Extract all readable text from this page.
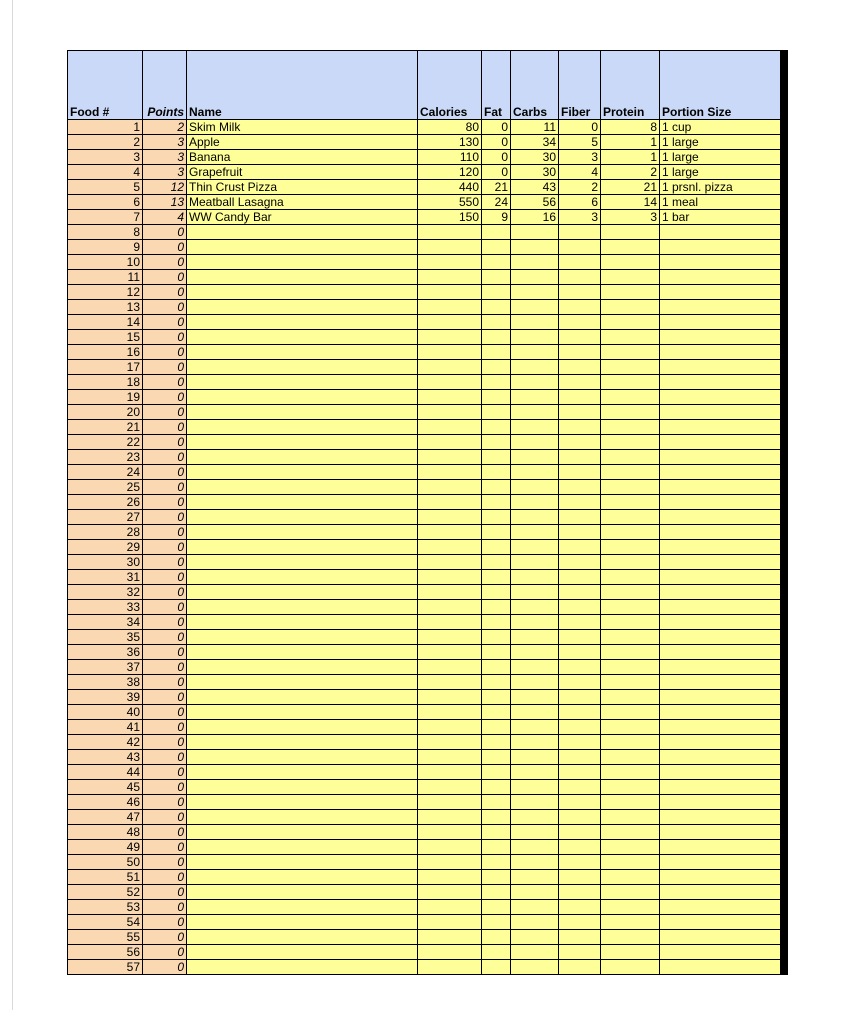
Food #	Points	Name	Calories	Fat	Carbs	Fiber	Protein	Portion Size
1	2	Skim Milk	80	0	11	0	8	1 cup
2	3	Apple	130	0	34	5	1	1 large
3	3	Banana	110	0	30	3	1	1 large
4	3	Grapefruit	120	0	30	4	2	1 large
5	12	Thin Crust Pizza	440	21	43	2	21	1 prsnl. pizza
6	13	Meatball Lasagna	550	24	56	6	14	1 meal
7	4	WW Candy Bar	150	9	16	3	3	1 bar
8	0							
9	0							
10	0							
11	0							
12	0							
13	0							
14	0							
15	0							
16	0							
17	0							
18	0							
19	0							
20	0							
21	0							
22	0							
23	0							
24	0							
25	0							
26	0							
27	0							
28	0							
29	0							
30	0							
31	0							
32	0							
33	0							
34	0							
35	0							
36	0							
37	0							
38	0							
39	0							
40	0							
41	0							
42	0							
43	0							
44	0							
45	0							
46	0							
47	0							
48	0							
49	0							
50	0							
51	0							
52	0							
53	0							
54	0							
55	0							
56	0							
57	0							
